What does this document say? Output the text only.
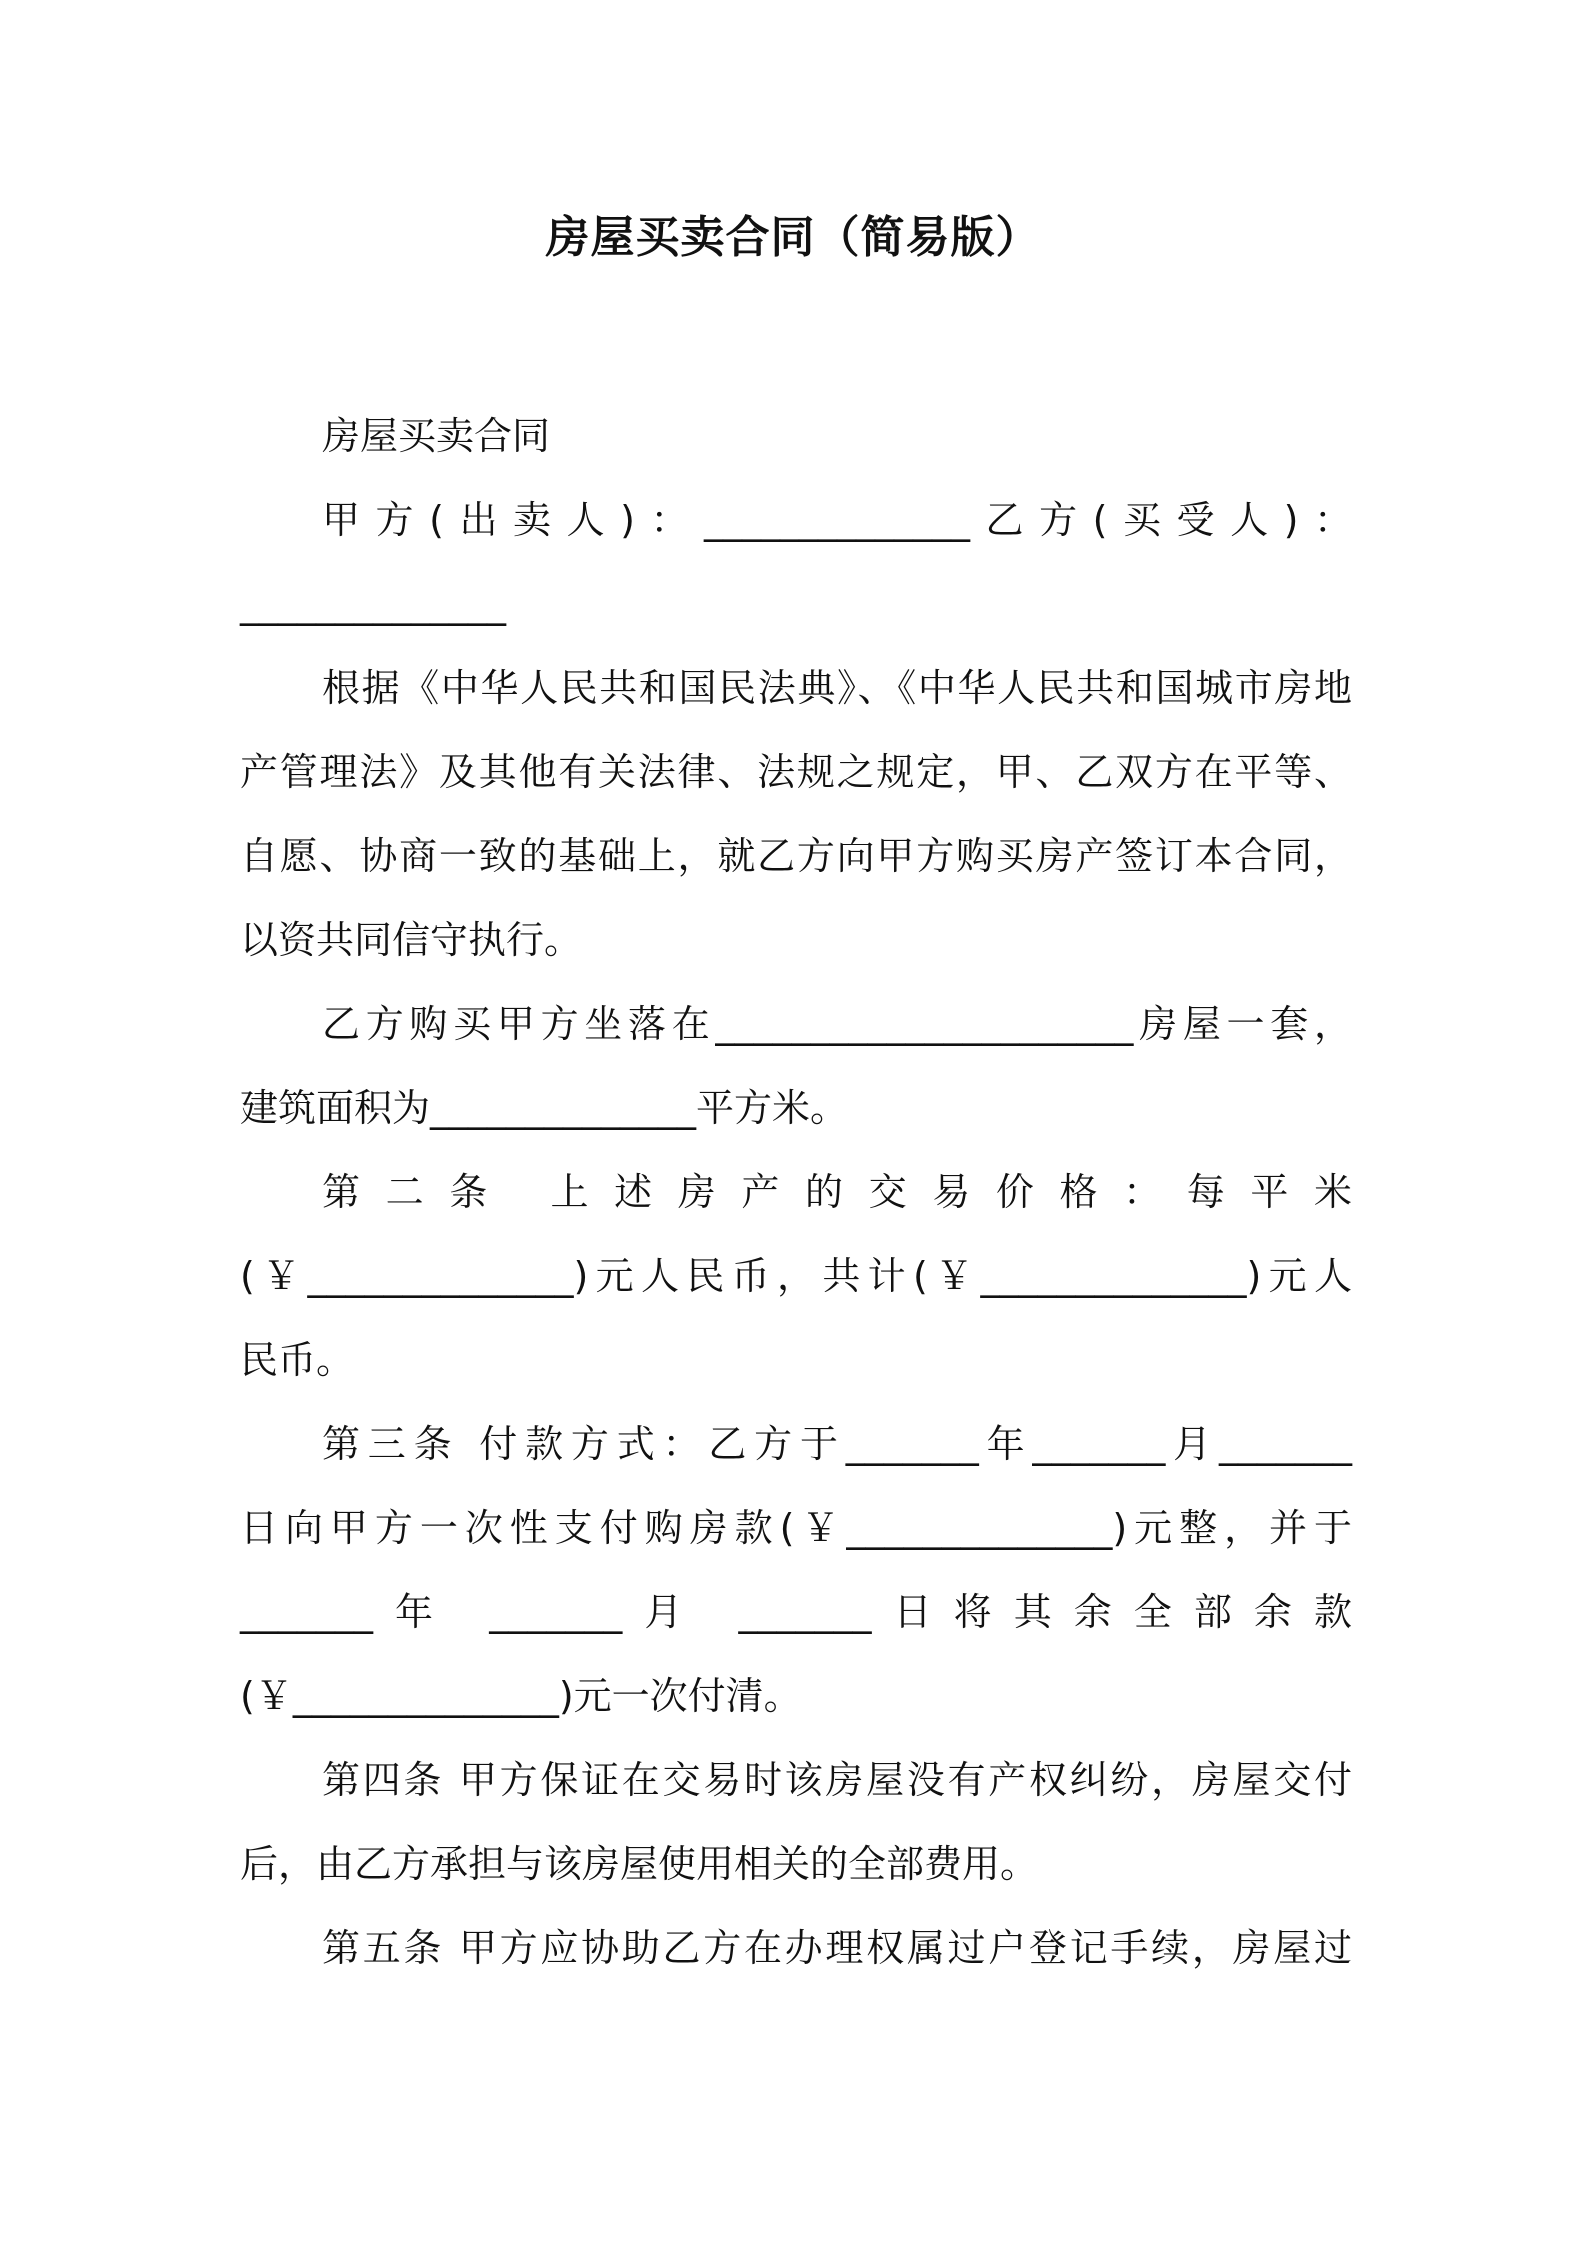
房屋买卖合同（简易版）
房屋买卖合同
甲方(出卖人)：______________乙方(买受人)：
______________
根据《中华人民共和国民法典》、《中华人民共和国城市房地
产管理法》及其他有关法律、法规之规定，甲、乙双方在平等、
自愿、协商一致的基础上，就乙方向甲方购买房产签订本合同，
以资共同信守执行。
乙方购买甲方坐落在______________________房屋一套，
建筑面积为______________平方米。
第二条 上述房产的交易价格：每平米
(￥______________)元人民币，共计(￥______________)元人
民币。
第三条 付款方式：乙方于_______年_______月_______
日向甲方一次性支付购房款(￥______________)元整，并于
_______年 _______月 _______日将其余全部余款
(￥______________)元一次付清。
第四条 甲方保证在交易时该房屋没有产权纠纷，房屋交付
后，由乙方承担与该房屋使用相关的全部费用。
第五条 甲方应协助乙方在办理权属过户登记手续，房屋过
